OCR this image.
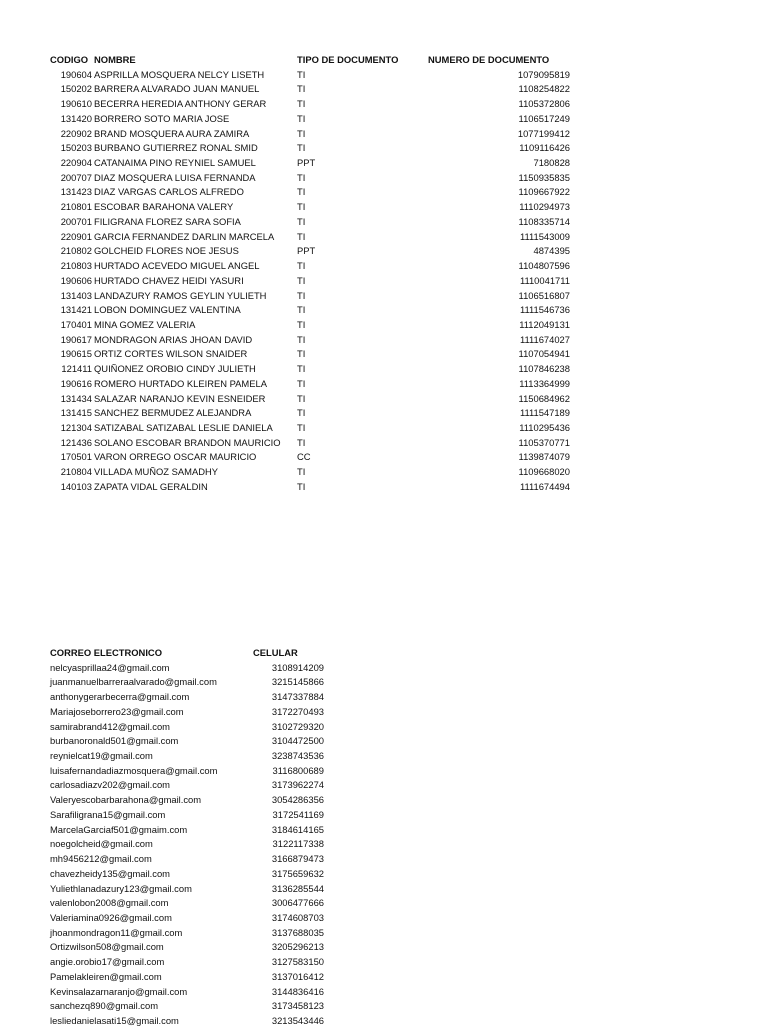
CODIGO NOMBRE	TIPO DE DOCUMENTO	NUMERO DE DOCUMENTO
190604 ASPRILLA MOSQUERA NELCY LISETH	TI	1079095819
150202 BARRERA ALVARADO JUAN MANUEL	TI	1108254822
190610 BECERRA HEREDIA ANTHONY GERAR	TI	1105372806
131420 BORRERO SOTO MARIA JOSE	TI	1106517249
220902 BRAND MOSQUERA AURA ZAMIRA	TI	1077199412
150203 BURBANO GUTIERREZ RONAL SMID	TI	1109116426
220904 CATANAIMA PINO REYNIEL SAMUEL	PPT	7180828
200707 DIAZ MOSQUERA LUISA FERNANDA	TI	1150935835
131423 DIAZ VARGAS CARLOS ALFREDO	TI	1109667922
210801 ESCOBAR BARAHONA VALERY	TI	1110294973
200701 FILIGRANA FLOREZ SARA SOFIA	TI	1108335714
220901 GARCIA FERNANDEZ DARLIN MARCELA TI	1111543009
210802 GOLCHEID FLORES NOE JESUS	PPT	4874395
210803 HURTADO ACEVEDO MIGUEL ANGEL	TI	1104807596
190606 HURTADO CHAVEZ HEIDI YASURI	TI	1110041711
131403 LANDAZURY RAMOS GEYLIN YULIETH	TI	1106516807
131421 LOBON DOMINGUEZ VALENTINA	TI	1111546736
170401 MINA GOMEZ VALERIA	TI	1112049131
190617 MONDRAGON ARIAS JHOAN DAVID	TI	1111674027
190615 ORTIZ CORTES WILSON SNAIDER	TI	1107054941
121411 QUIÑONEZ OROBIO CINDY JULIETH	TI	1107846238
190616 ROMERO HURTADO KLEIREN PAMELA	TI	1113364999
131434 SALAZAR NARANJO KEVIN ESNEIDER	TI	1150684962
131415 SANCHEZ BERMUDEZ ALEJANDRA	TI	1111547189
121304 SATIZABAL SATIZABAL LESLIE DANIELA	TI	1110295436
121436 SOLANO ESCOBAR BRANDON MAURICIO TI	1105370771
170501 VARON ORREGO OSCAR MAURICIO	CC	1139874079
210804 VILLADA MUÑOZ SAMADHY	TI	1109668020
140103 ZAPATA VIDAL GERALDIN	TI	1111674494
CORREO ELECTRONICO	CELULAR
nelcyasprillaa24@gmail.com	3108914209
juanmanuelbarreraalvarado@gmail.com	3215145866
anthonygerarbecerra@gmail.com	3147337884
Mariajoseborrero23@gmail.com	3172270493
samirabrand412@gmail.com	3102729320
burbanoronald501@gmail.com	3104472500
reynielcat19@gmail.com	3238743536
luisafernandadiazmosquera@gmail.com	3116800689
carlosadiazv202@gmail.com	3173962274
Valeryescobarbarahona@gmail.com	3054286356
Sarafiligrana15@gmail.com	3172541169
MarcelaGarciaf501@gmaim.com	3184614165
noegolcheid@gmail.com	3122117338
mh9456212@gmail.com	3166879473
chavezheidy135@gmail.com	3175659632
Yuliethlanadazury123@gmail.com	3136285544
valenlobon2008@gmail.com	3006477666
Valeriamina0926@gmail.com	3174608703
jhoanmondragon11@gmail.com	3137688035
Ortizwilson508@gmail.com	3205296213
angie.orobio17@gmail.com	3127583150
Pamelakleiren@gmail.com	3137016412
Kevinsalazarnaranjo@gmail.com	3144836416
sanchezq890@gmail.com	3173458123
lesliedanielasati15@gmail.com	3213543446
